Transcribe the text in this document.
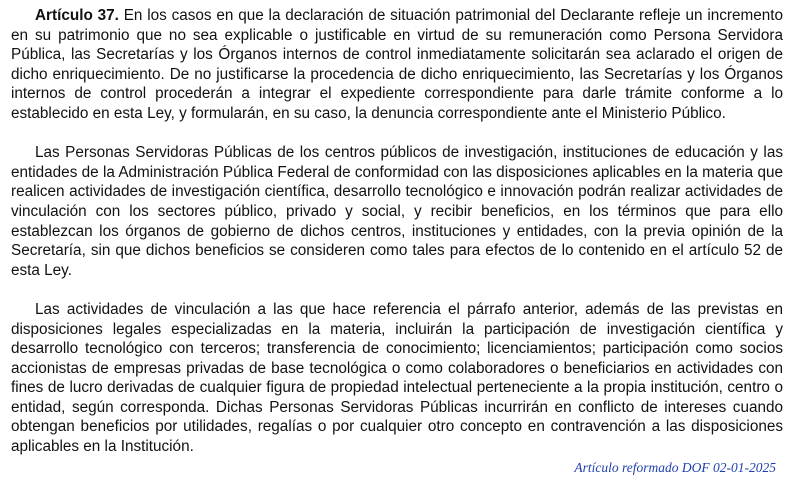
Artículo 37. En los casos en que la declaración de situación patrimonial del Declarante refleje un incremento en su patrimonio que no sea explicable o justificable en virtud de su remuneración como Persona Servidora Pública, las Secretarías y los Órganos internos de control inmediatamente solicitarán sea aclarado el origen de dicho enriquecimiento. De no justificarse la procedencia de dicho enriquecimiento, las Secretarías y los Órganos internos de control procederán a integrar el expediente correspondiente para darle trámite conforme a lo establecido en esta Ley, y formularán, en su caso, la denuncia correspondiente ante el Ministerio Público.

Las Personas Servidoras Públicas de los centros públicos de investigación, instituciones de educación y las entidades de la Administración Pública Federal de conformidad con las disposiciones aplicables en la materia que realicen actividades de investigación científica, desarrollo tecnológico e innovación podrán realizar actividades de vinculación con los sectores público, privado y social, y recibir beneficios, en los términos que para ello establezcan los órganos de gobierno de dichos centros, instituciones y entidades, con la previa opinión de la Secretaría, sin que dichos beneficios se consideren como tales para efectos de lo contenido en el artículo 52 de esta Ley.

Las actividades de vinculación a las que hace referencia el párrafo anterior, además de las previstas en disposiciones legales especializadas en la materia, incluirán la participación de investigación científica y desarrollo tecnológico con terceros; transferencia de conocimiento; licenciamientos; participación como socios accionistas de empresas privadas de base tecnológica o como colaboradores o beneficiarios en actividades con fines de lucro derivadas de cualquier figura de propiedad intelectual perteneciente a la propia institución, centro o entidad, según corresponda. Dichas Personas Servidoras Públicas incurrirán en conflicto de intereses cuando obtengan beneficios por utilidades, regalías o por cualquier otro concepto en contravención a las disposiciones aplicables en la Institución.

Artículo reformado DOF 02-01-2025
